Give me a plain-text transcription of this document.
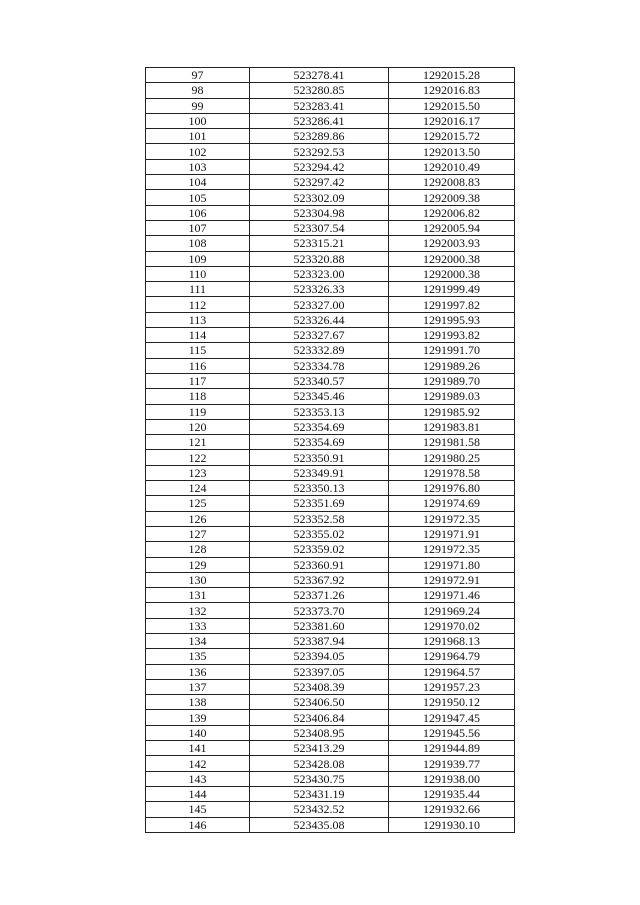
97	523278.41	1292015.28
98	523280.85	1292016.83
99	523283.41	1292015.50
100	523286.41	1292016.17
101	523289.86	1292015.72
102	523292.53	1292013.50
103	523294.42	1292010.49
104	523297.42	1292008.83
105	523302.09	1292009.38
106	523304.98	1292006.82
107	523307.54	1292005.94
108	523315.21	1292003.93
109	523320.88	1292000.38
110	523323.00	1292000.38
111	523326.33	1291999.49
112	523327.00	1291997.82
113	523326.44	1291995.93
114	523327.67	1291993.82
115	523332.89	1291991.70
116	523334.78	1291989.26
117	523340.57	1291989.70
118	523345.46	1291989.03
119	523353.13	1291985.92
120	523354.69	1291983.81
121	523354.69	1291981.58
122	523350.91	1291980.25
123	523349.91	1291978.58
124	523350.13	1291976.80
125	523351.69	1291974.69
126	523352.58	1291972.35
127	523355.02	1291971.91
128	523359.02	1291972.35
129	523360.91	1291971.80
130	523367.92	1291972.91
131	523371.26	1291971.46
132	523373.70	1291969.24
133	523381.60	1291970.02
134	523387.94	1291968.13
135	523394.05	1291964.79
136	523397.05	1291964.57
137	523408.39	1291957.23
138	523406.50	1291950.12
139	523406.84	1291947.45
140	523408.95	1291945.56
141	523413.29	1291944.89
142	523428.08	1291939.77
143	523430.75	1291938.00
144	523431.19	1291935.44
145	523432.52	1291932.66
146	523435.08	1291930.10
